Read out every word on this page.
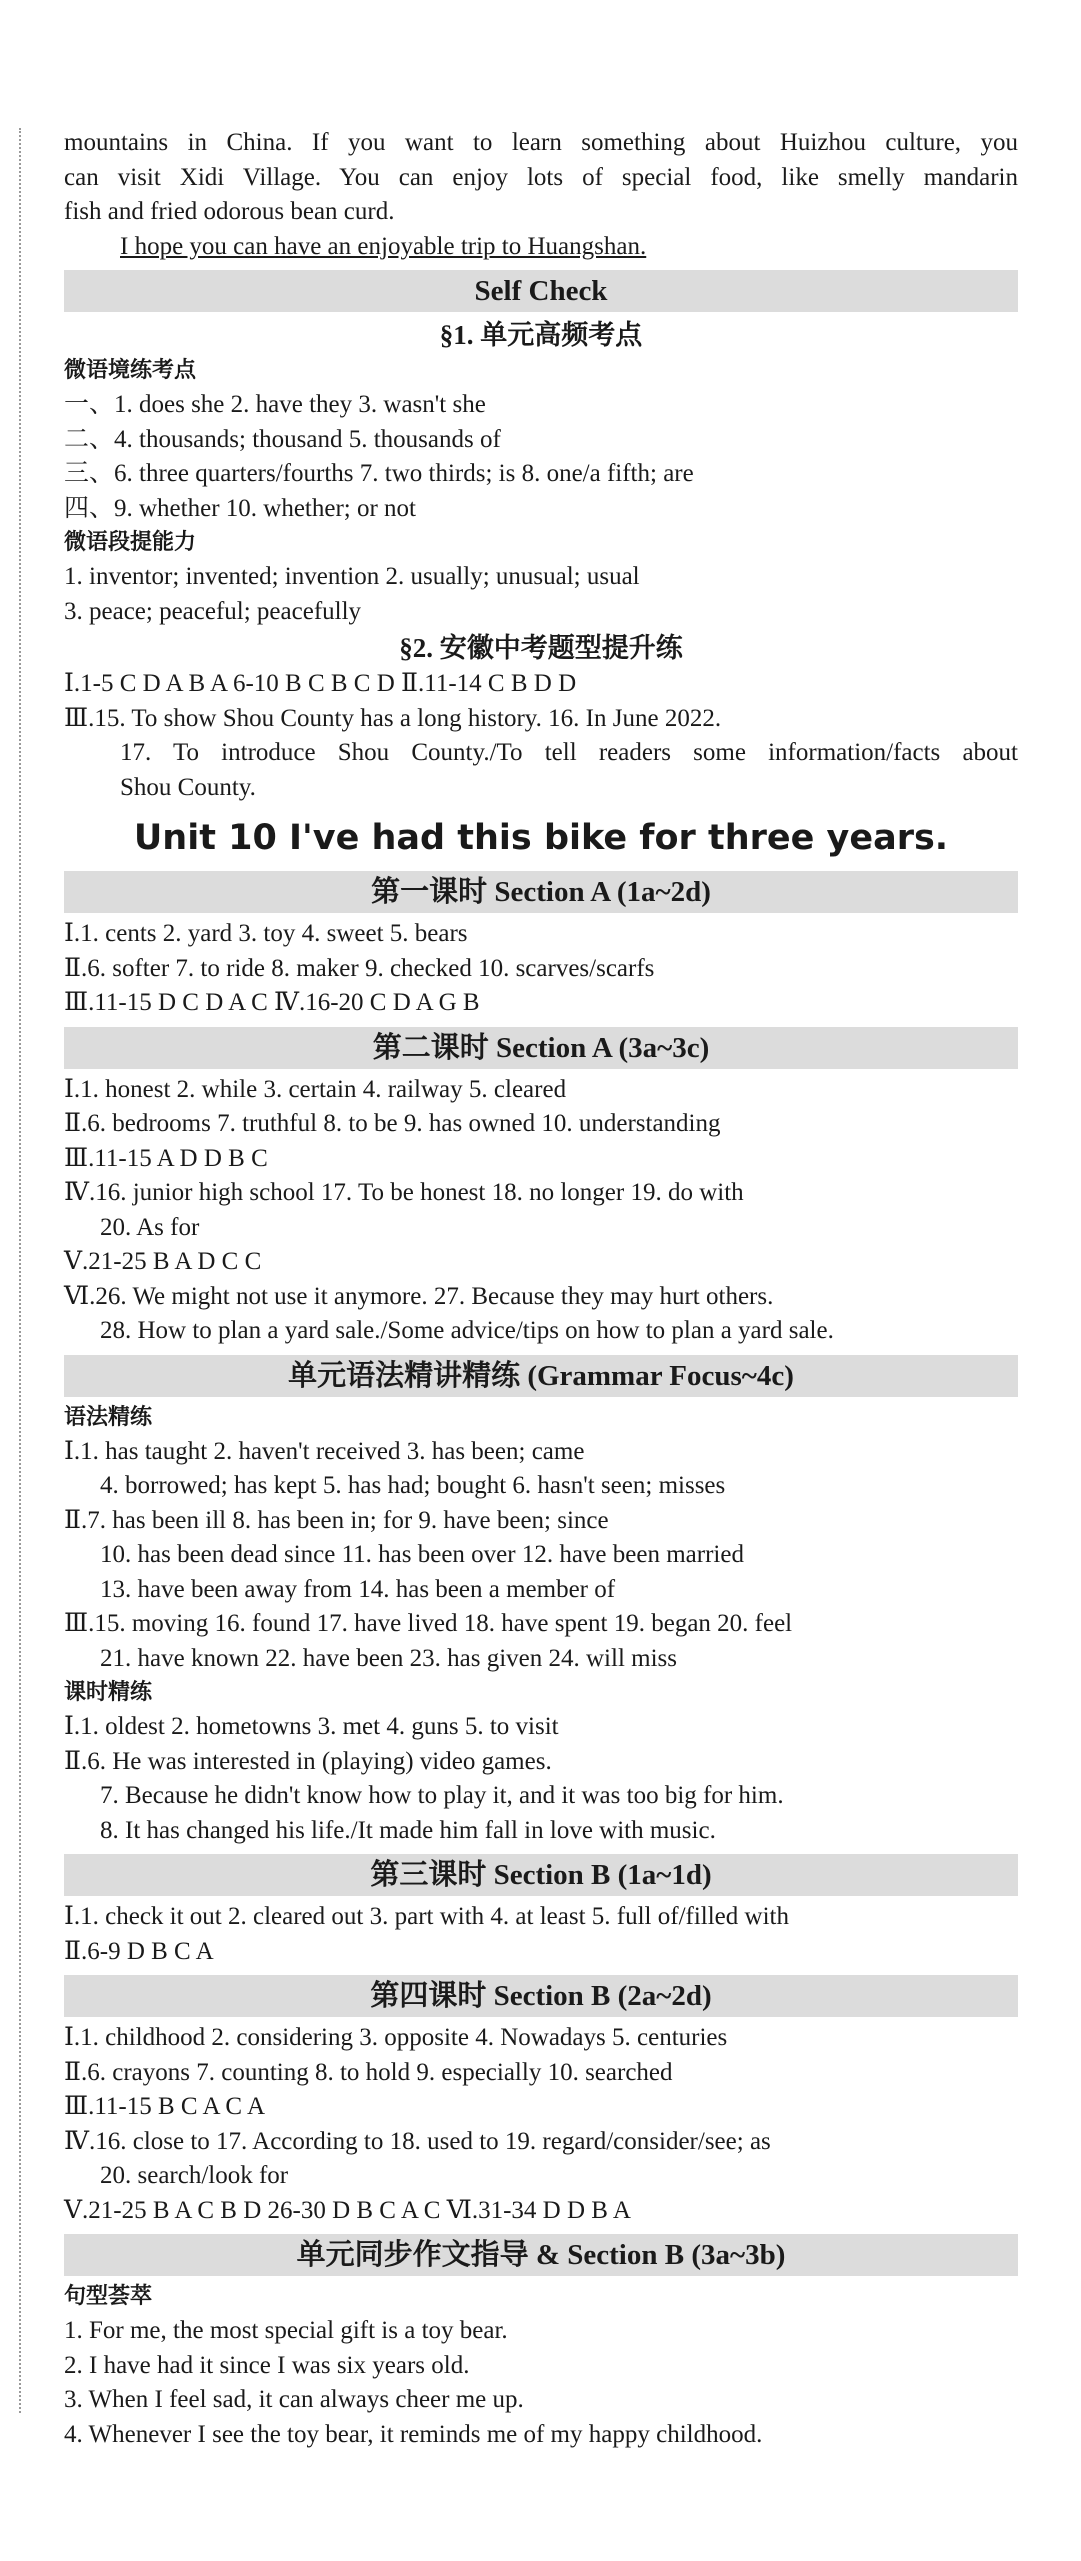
mountains in China. If you want to learn something about Huizhou culture, you
can visit Xidi Village. You can enjoy lots of special food, like smelly mandarin
fish and fried odorous bean curd.
I hope you can have an enjoyable trip to Huangshan.
Self Check
§1. 单元高频考点
微语境练考点
一、1. does she 2. have they 3. wasn't she
二、4. thousands; thousand 5. thousands of
三、6. three quarters/fourths 7. two thirds; is 8. one/a fifth; are
四、9. whether 10. whether; or not
微语段提能力
1. inventor; invented; invention 2. usually; unusual; usual
3. peace; peaceful; peacefully
§2. 安徽中考题型提升练
Ⅰ.1-5 C D A B A 6-10 B C B C D Ⅱ.11-14 C B D D
Ⅲ.15. To show Shou County has a long history. 16. In June 2022.
17. To introduce Shou County./To tell readers some information/facts about
Shou County.
Unit 10 I've had this bike for three years.
第一课时 Section A (1a~2d)
Ⅰ.1. cents 2. yard 3. toy 4. sweet 5. bears
Ⅱ.6. softer 7. to ride 8. maker 9. checked 10. scarves/scarfs
Ⅲ.11-15 D C D A C Ⅳ.16-20 C D A G B
第二课时 Section A (3a~3c)
Ⅰ.1. honest 2. while 3. certain 4. railway 5. cleared
Ⅱ.6. bedrooms 7. truthful 8. to be 9. has owned 10. understanding
Ⅲ.11-15 A D D B C
Ⅳ.16. junior high school 17. To be honest 18. no longer 19. do with
20. As for
Ⅴ.21-25 B A D C C
Ⅵ.26. We might not use it anymore. 27. Because they may hurt others.
28. How to plan a yard sale./Some advice/tips on how to plan a yard sale.
单元语法精讲精练 (Grammar Focus~4c)
语法精练
Ⅰ.1. has taught 2. haven't received 3. has been; came
4. borrowed; has kept 5. has had; bought 6. hasn't seen; misses
Ⅱ.7. has been ill 8. has been in; for 9. have been; since
10. has been dead since 11. has been over 12. have been married
13. have been away from 14. has been a member of
Ⅲ.15. moving 16. found 17. have lived 18. have spent 19. began 20. feel
21. have known 22. have been 23. has given 24. will miss
课时精练
Ⅰ.1. oldest 2. hometowns 3. met 4. guns 5. to visit
Ⅱ.6. He was interested in (playing) video games.
7. Because he didn't know how to play it, and it was too big for him.
8. It has changed his life./It made him fall in love with music.
第三课时 Section B (1a~1d)
Ⅰ.1. check it out 2. cleared out 3. part with 4. at least 5. full of/filled with
Ⅱ.6-9 D B C A
第四课时 Section B (2a~2d)
Ⅰ.1. childhood 2. considering 3. opposite 4. Nowadays 5. centuries
Ⅱ.6. crayons 7. counting 8. to hold 9. especially 10. searched
Ⅲ.11-15 B C A C A
Ⅳ.16. close to 17. According to 18. used to 19. regard/consider/see; as
20. search/look for
Ⅴ.21-25 B A C B D 26-30 D B C A C Ⅵ.31-34 D D B A
单元同步作文指导 & Section B (3a~3b)
句型荟萃
1. For me, the most special gift is a toy bear.
2. I have had it since I was six years old.
3. When I feel sad, it can always cheer me up.
4. Whenever I see the toy bear, it reminds me of my happy childhood.
